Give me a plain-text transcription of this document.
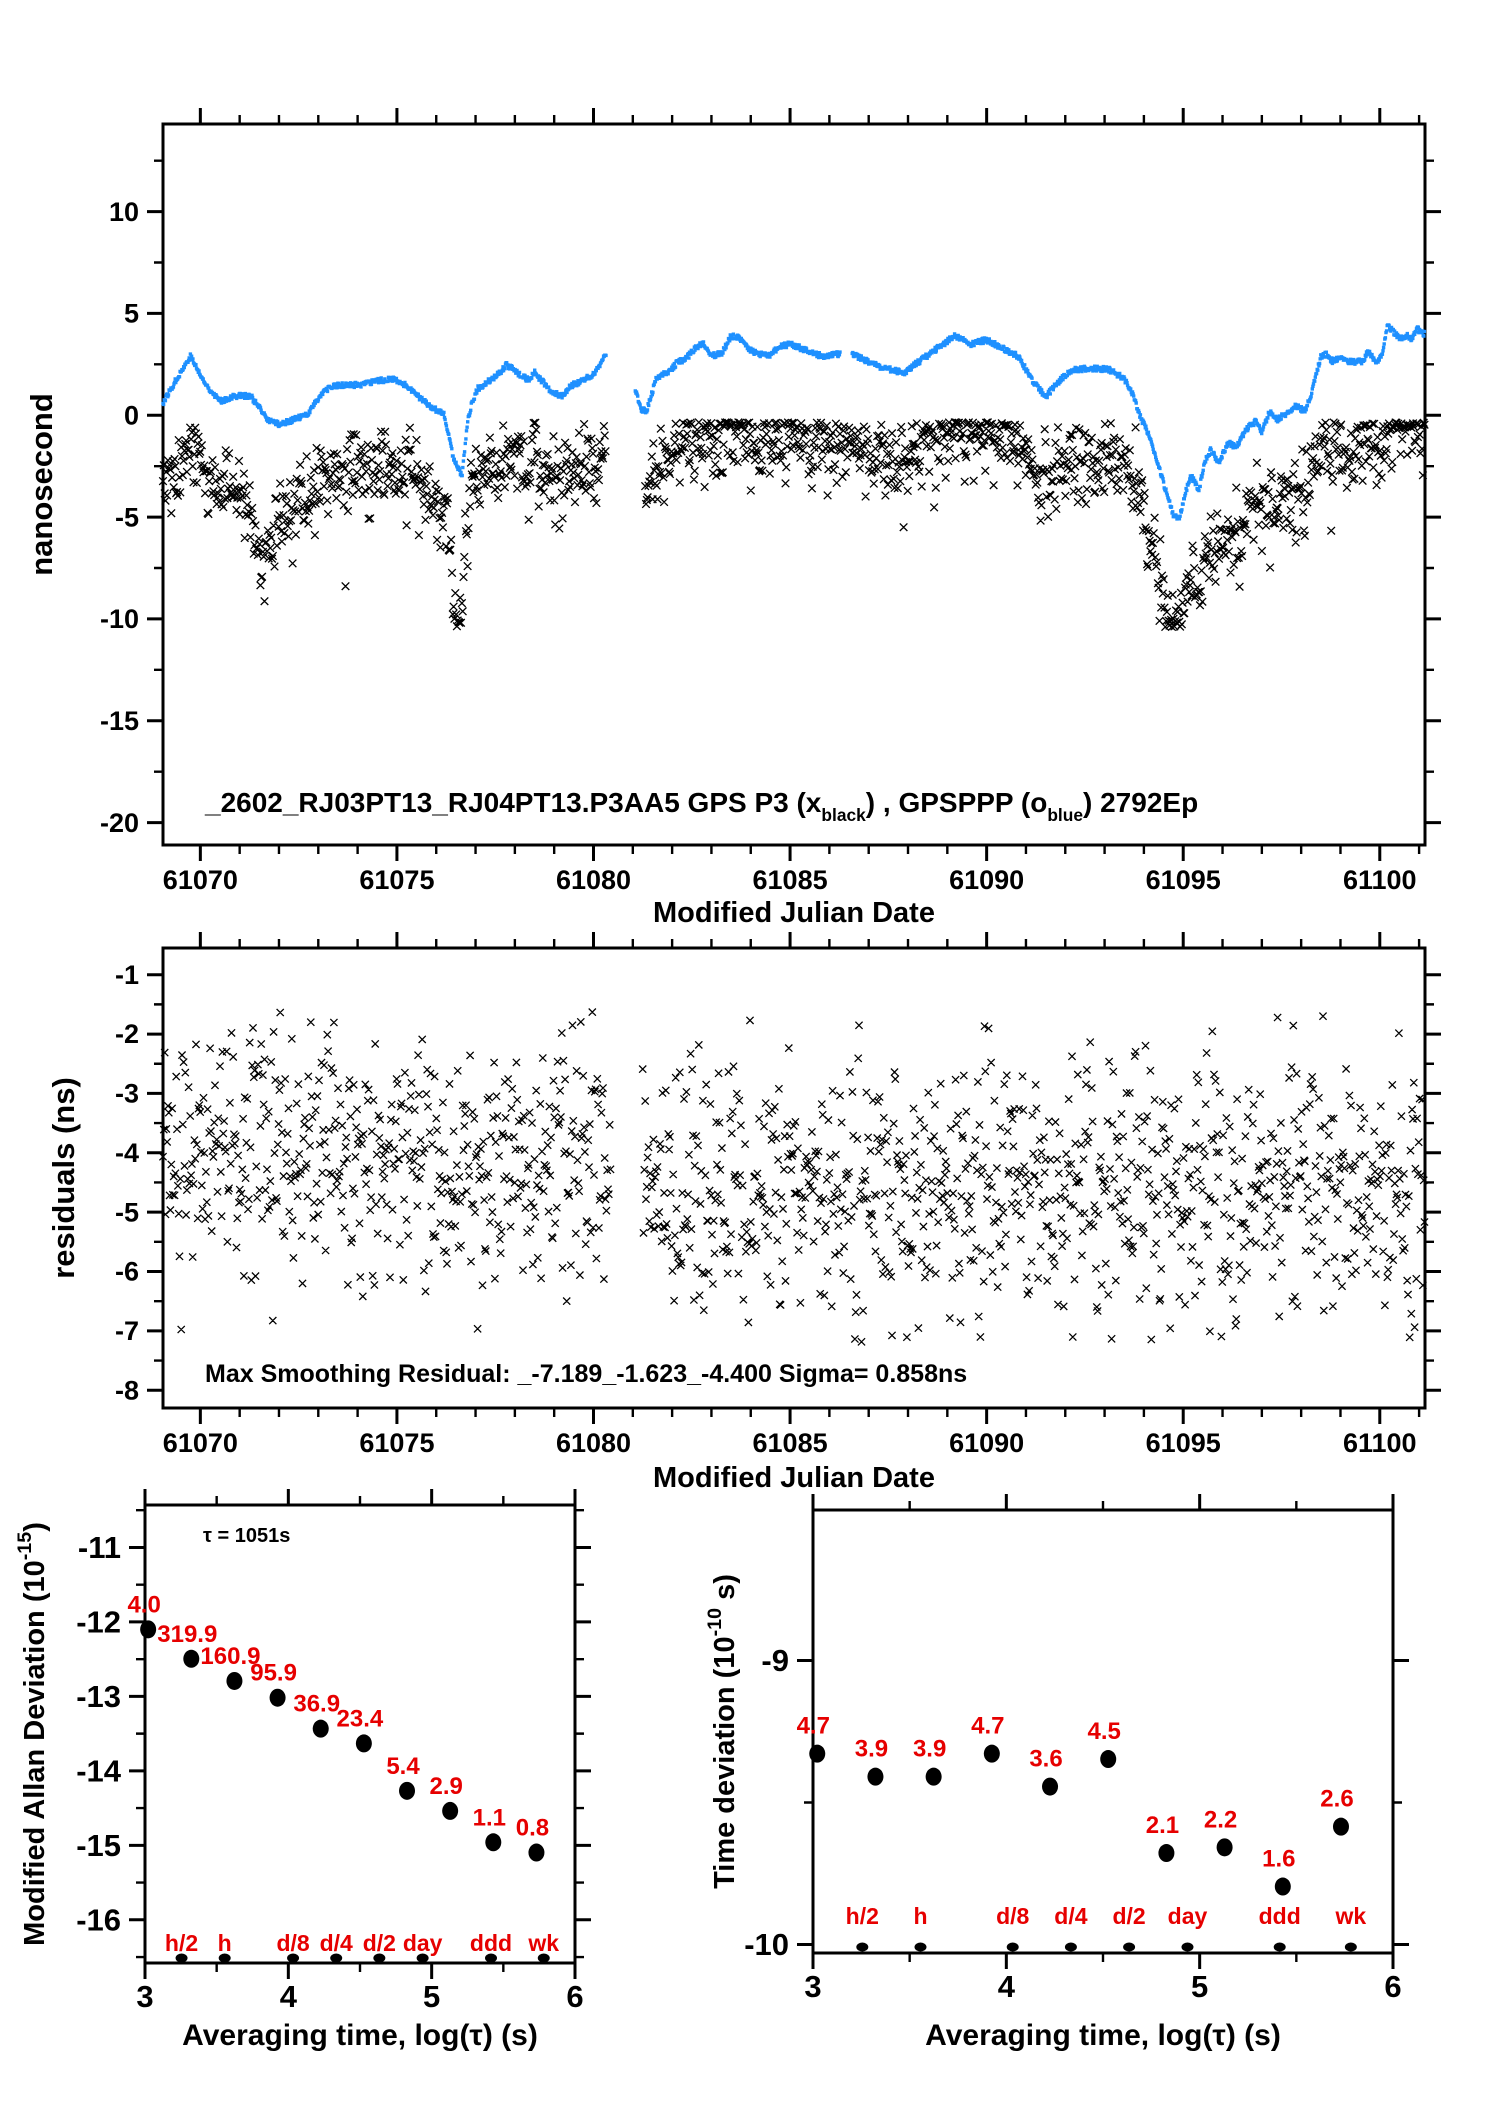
61070	61075	61080	61085	61090	61095	61100
-20
-15
-10
-5
0
5
10
Modified Julian Date
nanosecond
_2602_RJ03PT13_RJ04PT13.P3AA5 GPS P3 $(x_{black})$ , GPSPPP $(o_{blue})$ 2792Ep
61070	61075	61080	61085	61090	61095	61100
-8
-7
-6
-5
-4
-3
-2
-1
Modified Julian Date
residuals (ns)
Max Smoothing Residual: _-7.189_-1.623_-4.400 Sigma= 0.858ns
3	4	5	6
-11
-12
-13
-14
-15
-16
Averaging time, log(τ) (s)
Modified Allan Deviation $(10^{-15})$	τ = 1051s
4.0
319.9
160.9
95.9
36.9
23.4
5.4
2.9
1.1 0.8
h/2 h d/8 d/4 d/2 day ddd wk
3	4	5	6
-9
-10
Averaging time, log(τ) (s)
Time deviation ($10^{-10}$ s)
4.7
3.9 3.9
4.7
3.6
4.5
2.1 2.2
1.6
2.6
h/2 h	d/8 d/4 d/2 day ddd wk
